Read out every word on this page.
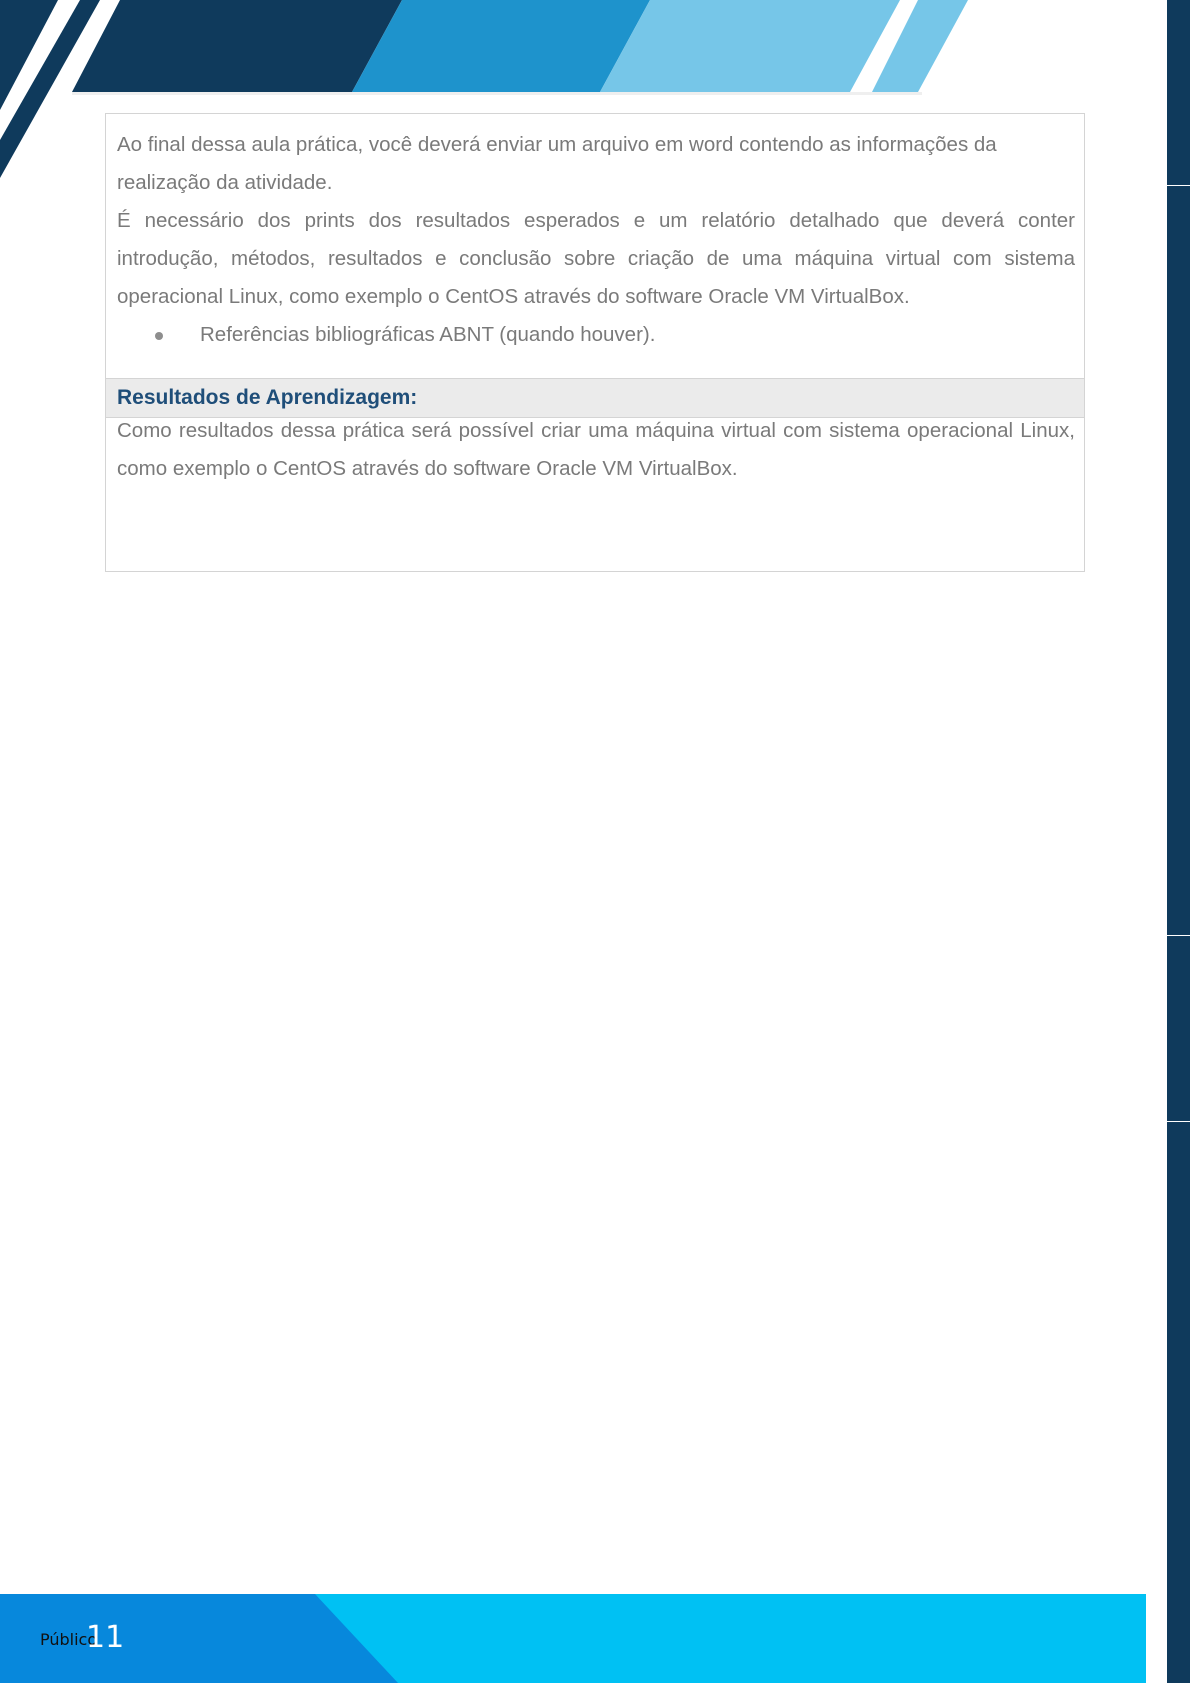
Ao final dessa aula prática, você deverá enviar um arquivo em word contendo as informações da realização da atividade.

É necessário dos prints dos resultados esperados e um relatório detalhado que deverá conter introdução, métodos, resultados e conclusão sobre criação de uma máquina virtual com sistema operacional Linux, como exemplo o CentOS através do software Oracle VM VirtualBox.

Referências bibliográficas ABNT (quando houver).
Resultados de Aprendizagem:

Como resultados dessa prática será possível criar uma máquina virtual com sistema operacional Linux, como exemplo o CentOS através do software Oracle VM VirtualBox.

Público
11
